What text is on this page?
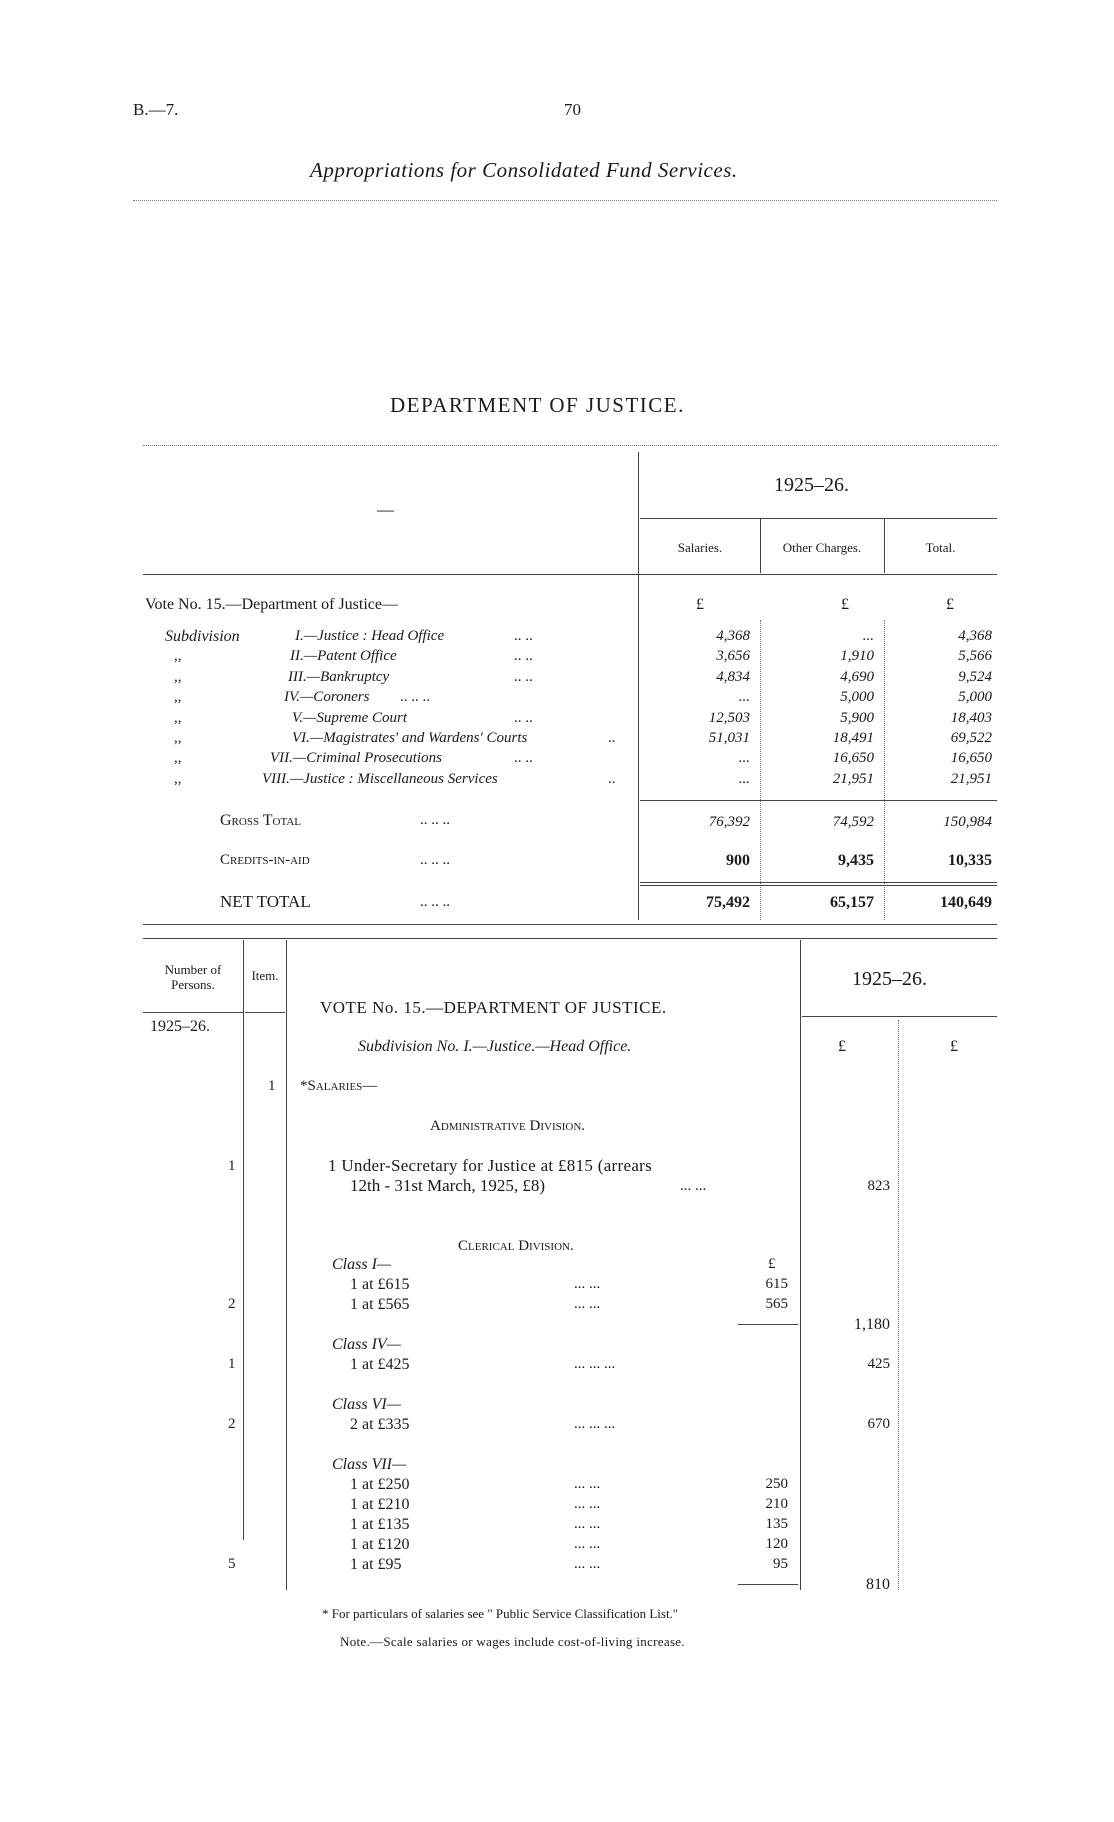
B.—7.	70
Appropriations for Consolidated Fund Services.
DEPARTMENT OF JUSTICE.
—
1925–26.
Salaries.	Other Charges.	Total.
Vote No. 15.—Department of Justice—	£	£	£
Subdivision	I.—Justice : Head Office	.. ..	4,368	...	4,368
,,	II.—Patent Office	.. ..	3,656	1,910	5,566
,,	III.—Bankruptcy	.. ..	4,834	4,690	9,524
,,	IV.—Coroners .. .. ..	...	5,000	5,000
,,	V.—Supreme Court	.. ..	12,503	5,900	18,403
,,	VI.—Magistrates' and Wardens' Courts	..	51,031	18,491	69,522
,,	VII.—Criminal Prosecutions	.. ..	...	16,650	16,650
,,	VIII.—Justice : Miscellaneous Services	..	...	21,951	21,951
Gross Total	.. .. ..	76,392	74,592	150,984
Credits-in-aid	.. .. ..	900	9,435	10,335
NET TOTAL	.. .. ..	75,492	65,157	140,649
Number of Persons.
Item.
1925–26.
1925–26.
£	£
VOTE No. 15.—DEPARTMENT OF JUSTICE.
Subdivision No. I.—Justice.—Head Office.
1 *Salaries—
Administrative Division.
1	1 Under-Secretary for Justice at £815 (arrears
12th - 31st March, 1925, £8)	... ...	823
Clerical Division.
Class I—	£
1 at £615	... ...	615
2	1 at £565	... ...	565
1,180
Class IV—
1	1 at £425	... ... ...	425
Class VI—
2	2 at £335	... ... ...	670
Class VII—
1 at £250	... ...	250
1 at £210	... ...	210
1 at £135	... ...	135
1 at £120	... ...	120
5	1 at £95	... ...	95
810
* For particulars of salaries see " Public Service Classification List."
Note.—Scale salaries or wages include cost-of-living increase.
